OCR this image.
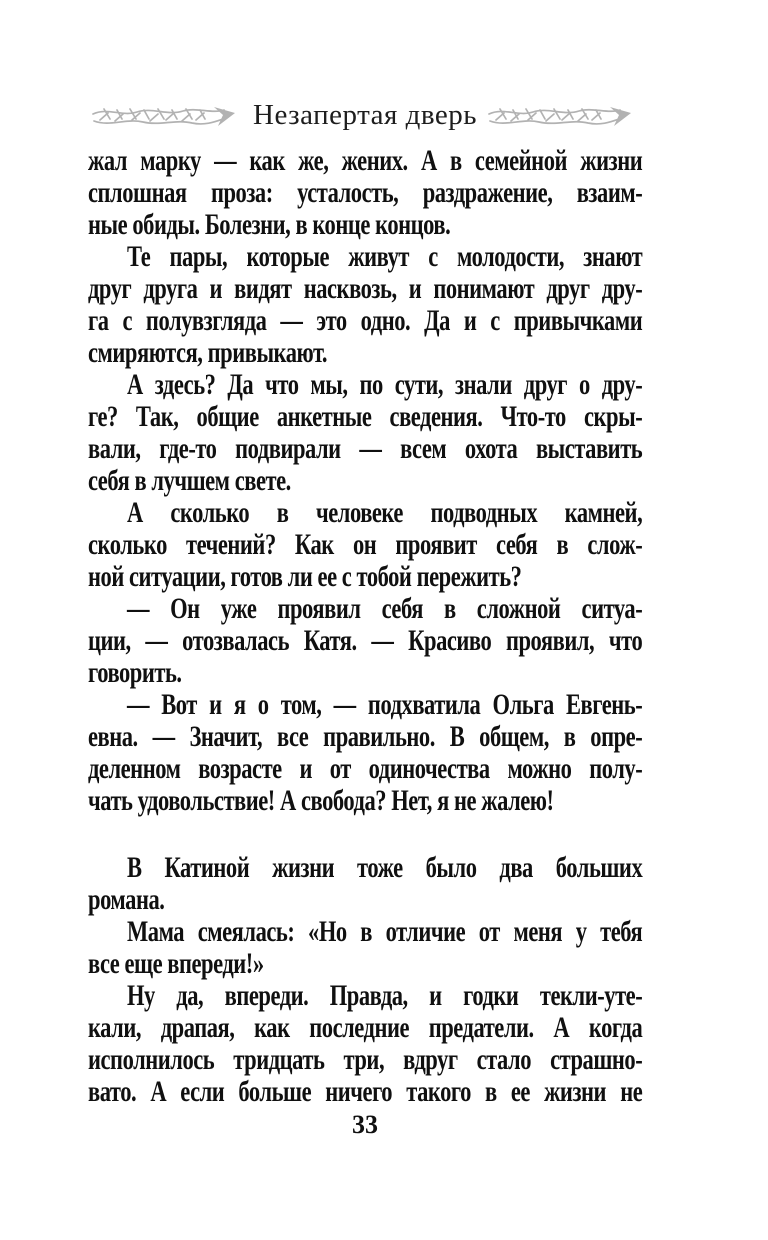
Незапертая дверь
жал марку — как же, жених. А в семейной жизни
сплошная проза: усталость, раздражение, взаим-
ные обиды. Болезни, в конце концов.
Те пары, которые живут с молодости, знают
друг друга и видят насквозь, и понимают друг дру-
га с полувзгляда — это одно. Да и с привычками
смиряются, привыкают.
А здесь? Да что мы, по сути, знали друг о дру-
ге? Так, общие анкетные сведения. Что-то скры-
вали, где-то подвирали — всем охота выставить
себя в лучшем свете.
А сколько в человеке подводных камней,
сколько течений? Как он проявит себя в слож-
ной ситуации, готов ли ее с тобой пережить?
— Он уже проявил себя в сложной ситуа-
ции, — отозвалась Катя. — Красиво проявил, что
говорить.
— Вот и я о том, — подхватила Ольга Евгень-
евна. — Значит, все правильно. В общем, в опре-
деленном возрасте и от одиночества можно полу-
чать удовольствие! А свобода? Нет, я не жалею!
В Катиной жизни тоже было два больших
романа.
Мама смеялась: «Но в отличие от меня у тебя
все еще впереди!»
Ну да, впереди. Правда, и годки текли-уте-
кали, драпая, как последние предатели. А когда
исполнилось тридцать три, вдруг стало страшно-
вато. А если больше ничего такого в ее жизни не
33
